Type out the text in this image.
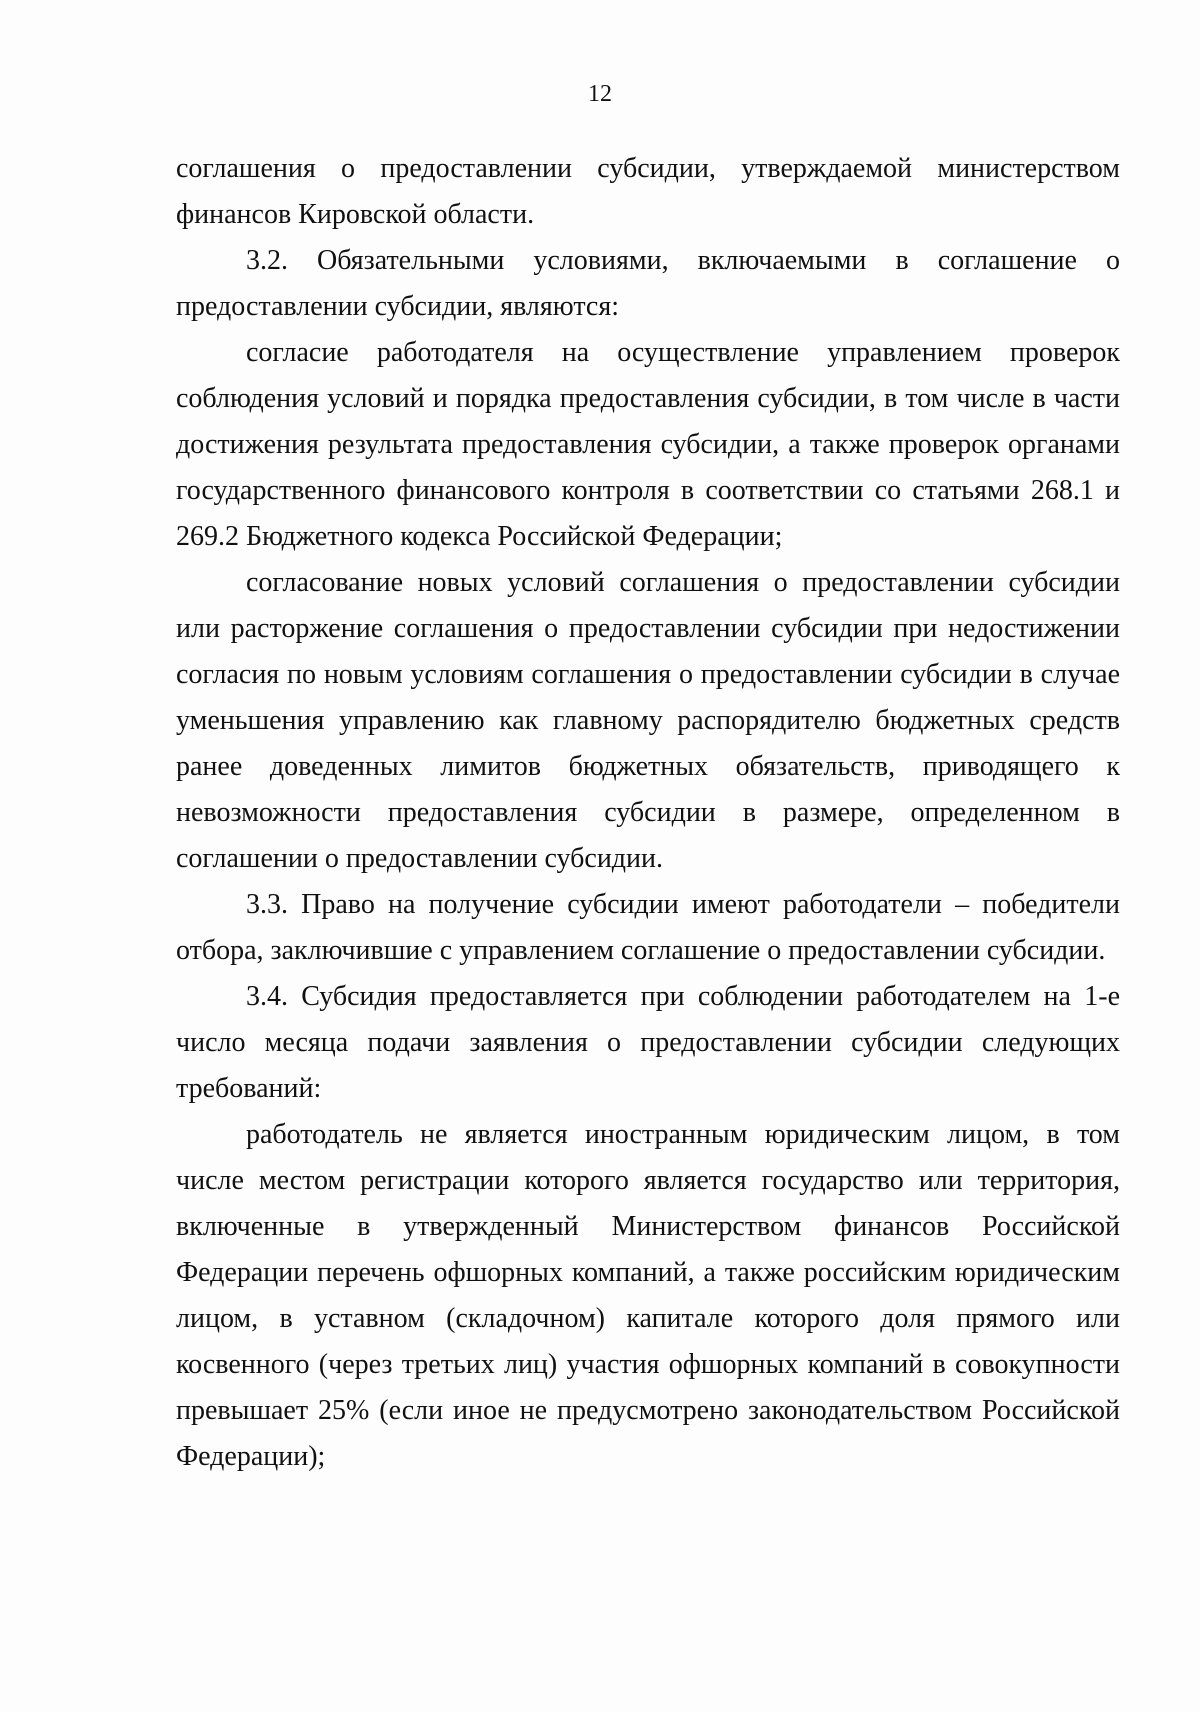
12

соглашения о предоставлении субсидии, утверждаемой министерством финансов Кировской области.

3.2. Обязательными условиями, включаемыми в соглашение о предоставлении субсидии, являются:

согласие работодателя на осуществление управлением проверок соблюдения условий и порядка предоставления субсидии, в том числе в части достижения результата предоставления субсидии, а также проверок органами государственного финансового контроля в соответствии со статьями 268.1 и 269.2 Бюджетного кодекса Российской Федерации;

согласование новых условий соглашения о предоставлении субсидии или расторжение соглашения о предоставлении субсидии при недостижении согласия по новым условиям соглашения о предоставлении субсидии в случае уменьшения управлению как главному распорядителю бюджетных средств ранее доведенных лимитов бюджетных обязательств, приводящего к невозможности предоставления субсидии в размере, определенном в соглашении о предоставлении субсидии.

3.3. Право на получение субсидии имеют работодатели – победители отбора, заключившие с управлением соглашение о предоставлении субсидии.

3.4. Субсидия предоставляется при соблюдении работодателем на 1-е число месяца подачи заявления о предоставлении субсидии следующих требований:

работодатель не является иностранным юридическим лицом, в том числе местом регистрации которого является государство или территория, включенные в утвержденный Министерством финансов Российской Федерации перечень офшорных компаний, а также российским юридическим лицом, в уставном (складочном) капитале которого доля прямого или косвенного (через третьих лиц) участия офшорных компаний в совокупности превышает 25% (если иное не предусмотрено законодательством Российской Федерации);
